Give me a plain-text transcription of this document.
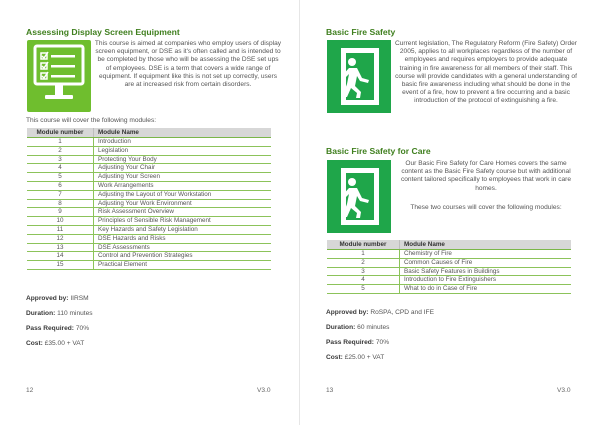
Assessing Display Screen Equipment
This course is aimed at companies who employ users of display screen equipment, or DSE as it's often called and is intended to be completed by those who will be assessing the DSE set ups of employees. DSE is a term that covers a wide range of equipment. If equipment like this is not set up correctly, users are at increased risk from certain disorders.
This course will cover the following modules:
Module number	Module Name
1	Introduction
2	Legislation
3	Protecting Your Body
4	Adjusting Your Chair
5	Adjusting Your Screen
6	Work Arrangements
7	Adjusting the Layout of Your Workstation
8	Adjusting Your Work Environment
9	Risk Assessment Overview
10	Principles of Sensible Risk Management
11	Key Hazards and Safety Legislation
12	DSE Hazards and Risks
13	DSE Assessments
14	Control and Prevention Strategies
15	Practical Element
Approved by: IIRSM
Duration: 110 minutes
Pass Required: 70%
Cost: £35.00 + VAT
12	V3.0
Basic Fire Safety
Current legislation, The Regulatory Reform (Fire Safety) Order 2005, applies to all workplaces regardless of the number of employees and requires employers to provide adequate training in fire awareness for all members of their staff. This course will provide candidates with a general understanding of basic fire awareness including what should be done in the event of a fire, how to prevent a fire occurring and a basic introduction of the protocol of extinguishing a fire.
Basic Fire Safety for Care
Our Basic Fire Safety for Care Homes covers the same content as the Basic Fire Safety course but with additional content tailored specifically to employees that work in care homes.
These two courses will cover the following modules:
Module number	Module Name
1	Chemistry of Fire
2	Common Causes of Fire
3	Basic Safety Features in Buildings
4	Introduction to Fire Extinguishers
5	What to do in Case of Fire
Approved by: RoSPA, CPD and IFE
Duration: 60 minutes
Pass Required: 70%
Cost: £25.00 + VAT
13	V3.0
